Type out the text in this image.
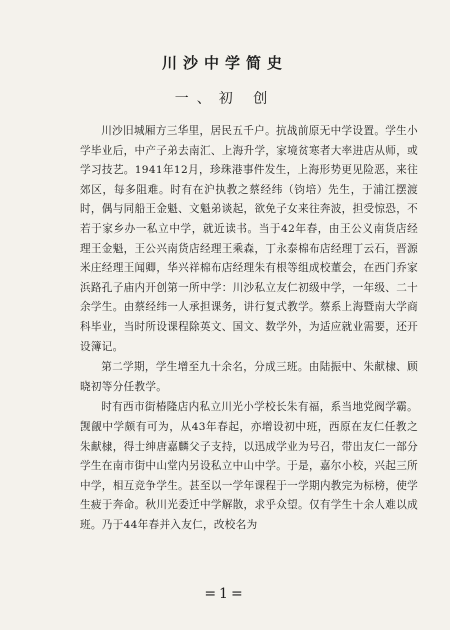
川沙中学简史
一、初 创

川沙旧城厢方三华里，居民五千户。抗战前原无中学设置。学生小学毕业后，中产子弟去南汇、上海升学，家境贫寒者大率进店从师，或学习技艺。1941年12月，珍珠港事件发生，上海形势更见险恶，来往郊区，每多阻难。时有在沪执教之蔡经纬（钧培）先生，于浦江摆渡时，偶与同船王金魁、文魁弟谈起，欲免子女来往奔波，担受惊恐，不若于家乡办一私立中学，就近读书。当于42年春，由王公义南货店经理王金魁，王公兴南货店经理王乘森，丁永泰棉布店经理丁云石，晋源米庄经理王闻卿，华兴祥棉布店经理朱有根等组成校董会，在西门乔家浜路孔子庙内开创第一所中学：川沙私立友仁初级中学，一年级、二十余学生。由蔡经纬一人承担课务，讲行复式教学。蔡系上海暨南大学商科毕业，当时所设课程除英文、国文、数学外，为适应就业需要，还开设簿记。

第二学期，学生增至九十余名，分成三班。由陆振中、朱献棣、顾晓初等分任教学。

时有西市街椿隆店内私立川光小学校长朱有福，系当地党阀学霸。觊觎中学颇有可为，从43年春起，亦增设初中班，西原在友仁任教之朱献棣，得士绅唐嘉麟父子支持，以迅成学业为号召，带出友仁一部分学生在南市街中山堂内另设私立中山中学。于是，嘉尔小校，兴起三所中学，相互竞争学生。甚至以一学年课程于一学期内教完为标榜，使学生疲于奔命。秋川光委迁中学解散，求乎众望。仅有学生十余人难以成班。乃于44年春并入友仁，改校名为

=1=
